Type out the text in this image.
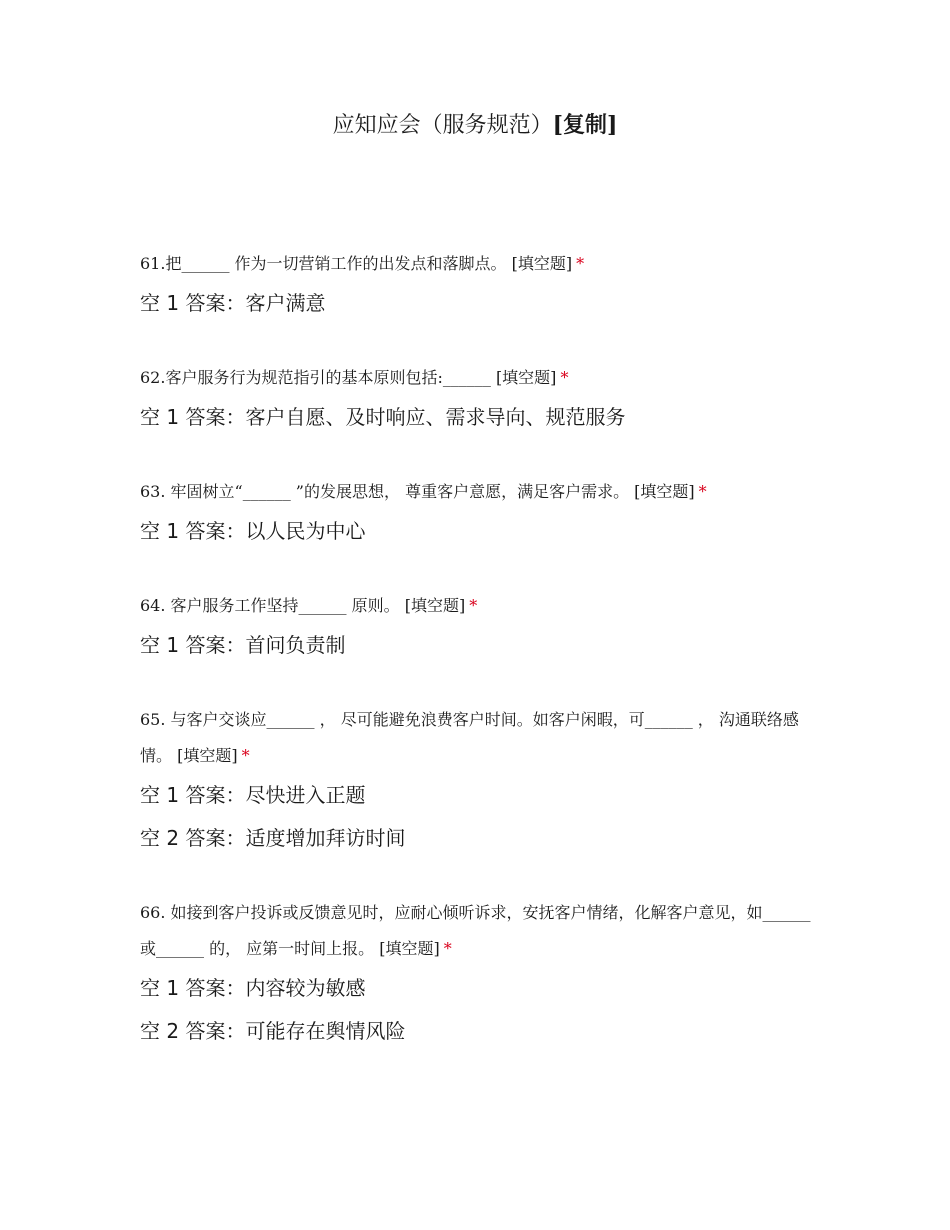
应知应会（服务规范）[复制]

61.把______ 作为一切营销工作的出发点和落脚点。 [填空题] *

空 1 答案：客户满意

62.客户服务行为规范指引的基本原则包括:______ [填空题] *

空 1 答案：客户自愿、及时响应、需求导向、规范服务

63. 牢固树立“______ ”的发展思想， 尊重客户意愿，满足客户需求。 [填空题] *

空 1 答案：以人民为中心

64. 客户服务工作坚持______ 原则。 [填空题] *

空 1 答案：首问负责制

65. 与客户交谈应______ ， 尽可能避免浪费客户时间。如客户闲暇，可______ ， 沟通联络感情。 [填空题] *

空 1 答案：尽快进入正题

空 2 答案：适度增加拜访时间

66. 如接到客户投诉或反馈意见时，应耐心倾听诉求，安抚客户情绪，化解客户意见，如______ 或______ 的， 应第一时间上报。 [填空题] *

空 1 答案：内容较为敏感

空 2 答案：可能存在舆情风险
